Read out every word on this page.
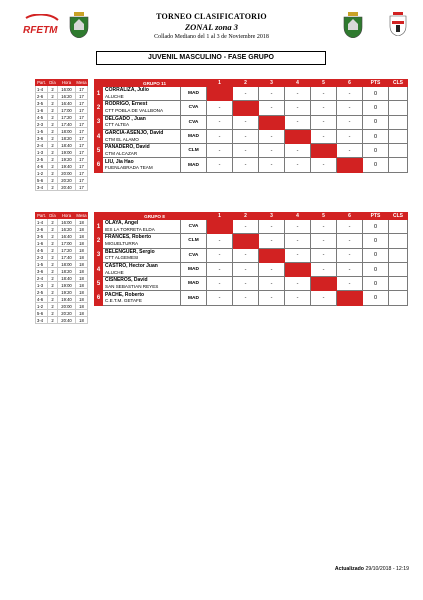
RFETM
TORNEO CLASIFICATORIO
ZONAL zona 3
Collado Mediano del 1 al 3 de Noviembre 2018
JUVENIL MASCULINO - FASE GRUPO
Part.	Día	Hora	Mesa
1-4	2	16:00	17
2-6	2	16:20	17
3-5	2	16:40	17
1-6	2	17:00	17
4-5	2	17:20	17
2-3	2	17:40	17
1-5	2	18:00	17
3-6	2	18:20	17
2-4	2	18:40	17
1-3	2	19:00	17
2-5	2	19:20	17
4-6	2	19:40	17
1-2	2	20:00	17
5-6	2	20:20	17
3-4	2	20:40	17
	GRUPO 11		1	2	3	4	5	6	PTS	CLS
1	CORRALIZA, Julio
ALUCHE	MAD		-	-	-	-	-	0	
2	RODRIGO, Ernest
CTT POBLA DE VALLBONA	CVA	-		-	-	-	-	0	
3	DELGADO , Juan
CTT ALTEA	CVA	-	-		-	-	-	0	
4	GARCIA-ASENJO, David
CTM EL ALAMO	MAD	-	-	-		-	-	0	
5	PANADERO, David
CTM ALCAZAR	CLM	-	-	-	-		-	0	
6	LIU, Jia Hao
FUENLABRADA TEAM	MAD	-	-	-	-	-		0	
Part.	Día	Hora	Mesa
1-4	2	16:00	18
2-6	2	16:20	18
3-5	2	16:40	18
1-6	2	17:00	18
4-5	2	17:20	18
2-3	2	17:40	18
1-5	2	18:00	18
3-6	2	18:20	18
2-4	2	18:40	18
1-3	2	19:00	18
2-5	2	19:20	18
4-6	2	19:40	18
1-2	2	20:00	18
5-6	2	20:20	18
3-4	2	20:40	18
	GRUPO 8		1	2	3	4	5	6	PTS	CLS
1	OLAYA, Ángel
IES LA TORRETA ELDA	CVA		-	-	-	-	-	0	
2	FRANCES, Roberto
MIGUELTURRA	CLM	-		-	-	-	-	0	
3	BELENGUER, Sergio
CTT ALGEMESI	CVA	-	-		-	-	-	0	
4	CASTRO, Hector Juan
ALUCHE	MAD	-	-	-		-	-	0	
5	CISNEROS, David
SAN SEBASTIAN REYES	MAD	-	-	-	-		-	0	
6	PACHE, Roberto
C.E.T.M. GETAFE	MAD	-	-	-	-	-		0	
Actualizado 29/10/2018 - 12:19
